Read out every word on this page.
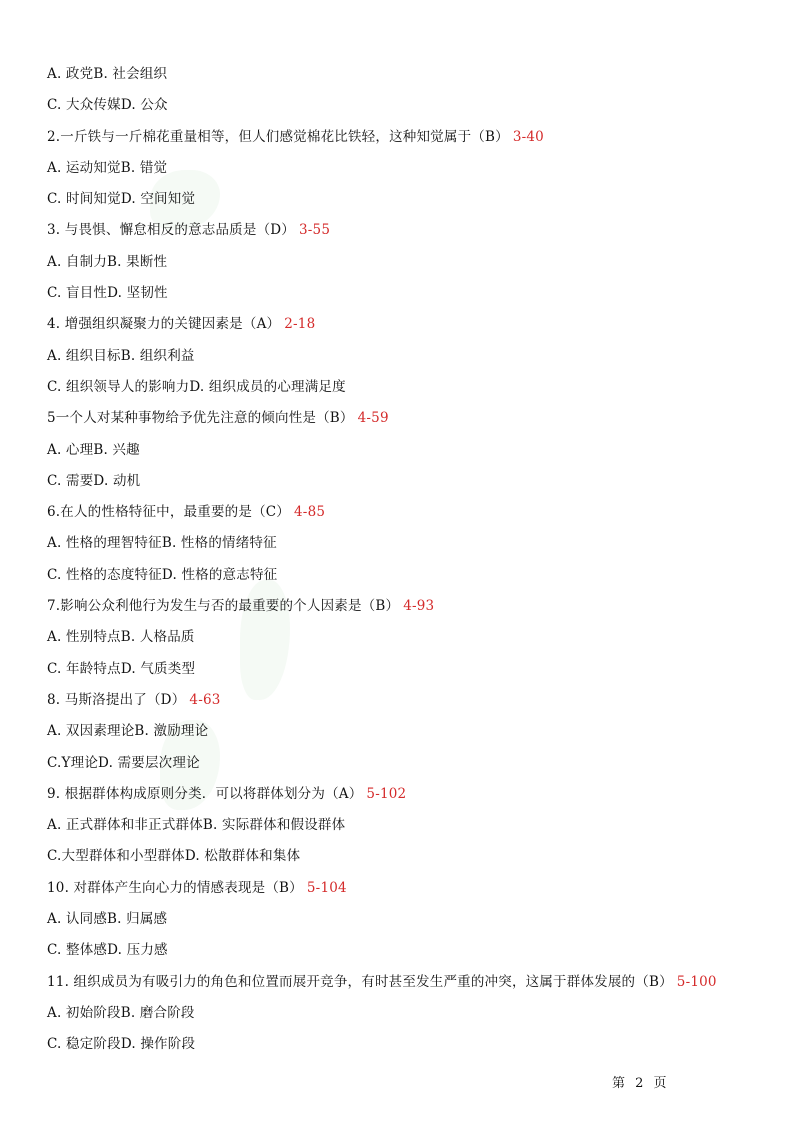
A. 政党B. 社会组织
C. 大众传媒D. 公众
2.一斤铁与一斤棉花重量相等，但人们感觉棉花比铁轻，这种知觉属于（B） 3-40
A. 运动知觉B. 错觉
C. 时间知觉D. 空间知觉
3. 与畏惧、懈怠相反的意志品质是（D） 3-55
A. 自制力B. 果断性
C. 盲目性D. 坚韧性
4. 增强组织凝聚力的关键因素是（A） 2-18
A. 组织目标B. 组织利益
C. 组织领导人的影响力D. 组织成员的心理满足度
5一个人对某种事物给予优先注意的倾向性是（B） 4-59
A. 心理B. 兴趣
C. 需要D. 动机
6.在人的性格特征中，最重要的是（C） 4-85
A. 性格的理智特征B. 性格的情绪特征
C. 性格的态度特征D. 性格的意志特征
7.影响公众利他行为发生与否的最重要的个人因素是（B） 4-93
A. 性别特点B. 人格品质
C. 年龄特点D. 气质类型
8. 马斯洛提出了（D） 4-63
A. 双因素理论B. 激励理论
C.Y理论D. 需要层次理论
9. 根据群体构成原则分类．可以将群体划分为（A） 5-102
A. 正式群体和非正式群体B. 实际群体和假设群体
C.大型群体和小型群体D. 松散群体和集体
10. 对群体产生向心力的情感表现是（B） 5-104
A. 认同感B. 归属感
C. 整体感D. 压力感
11. 组织成员为有吸引力的角色和位置而展开竞争，有时甚至发生严重的冲突，这属于群体发展的（B） 5-100
A. 初始阶段B. 磨合阶段
C. 稳定阶段D. 操作阶段
第 2 页
